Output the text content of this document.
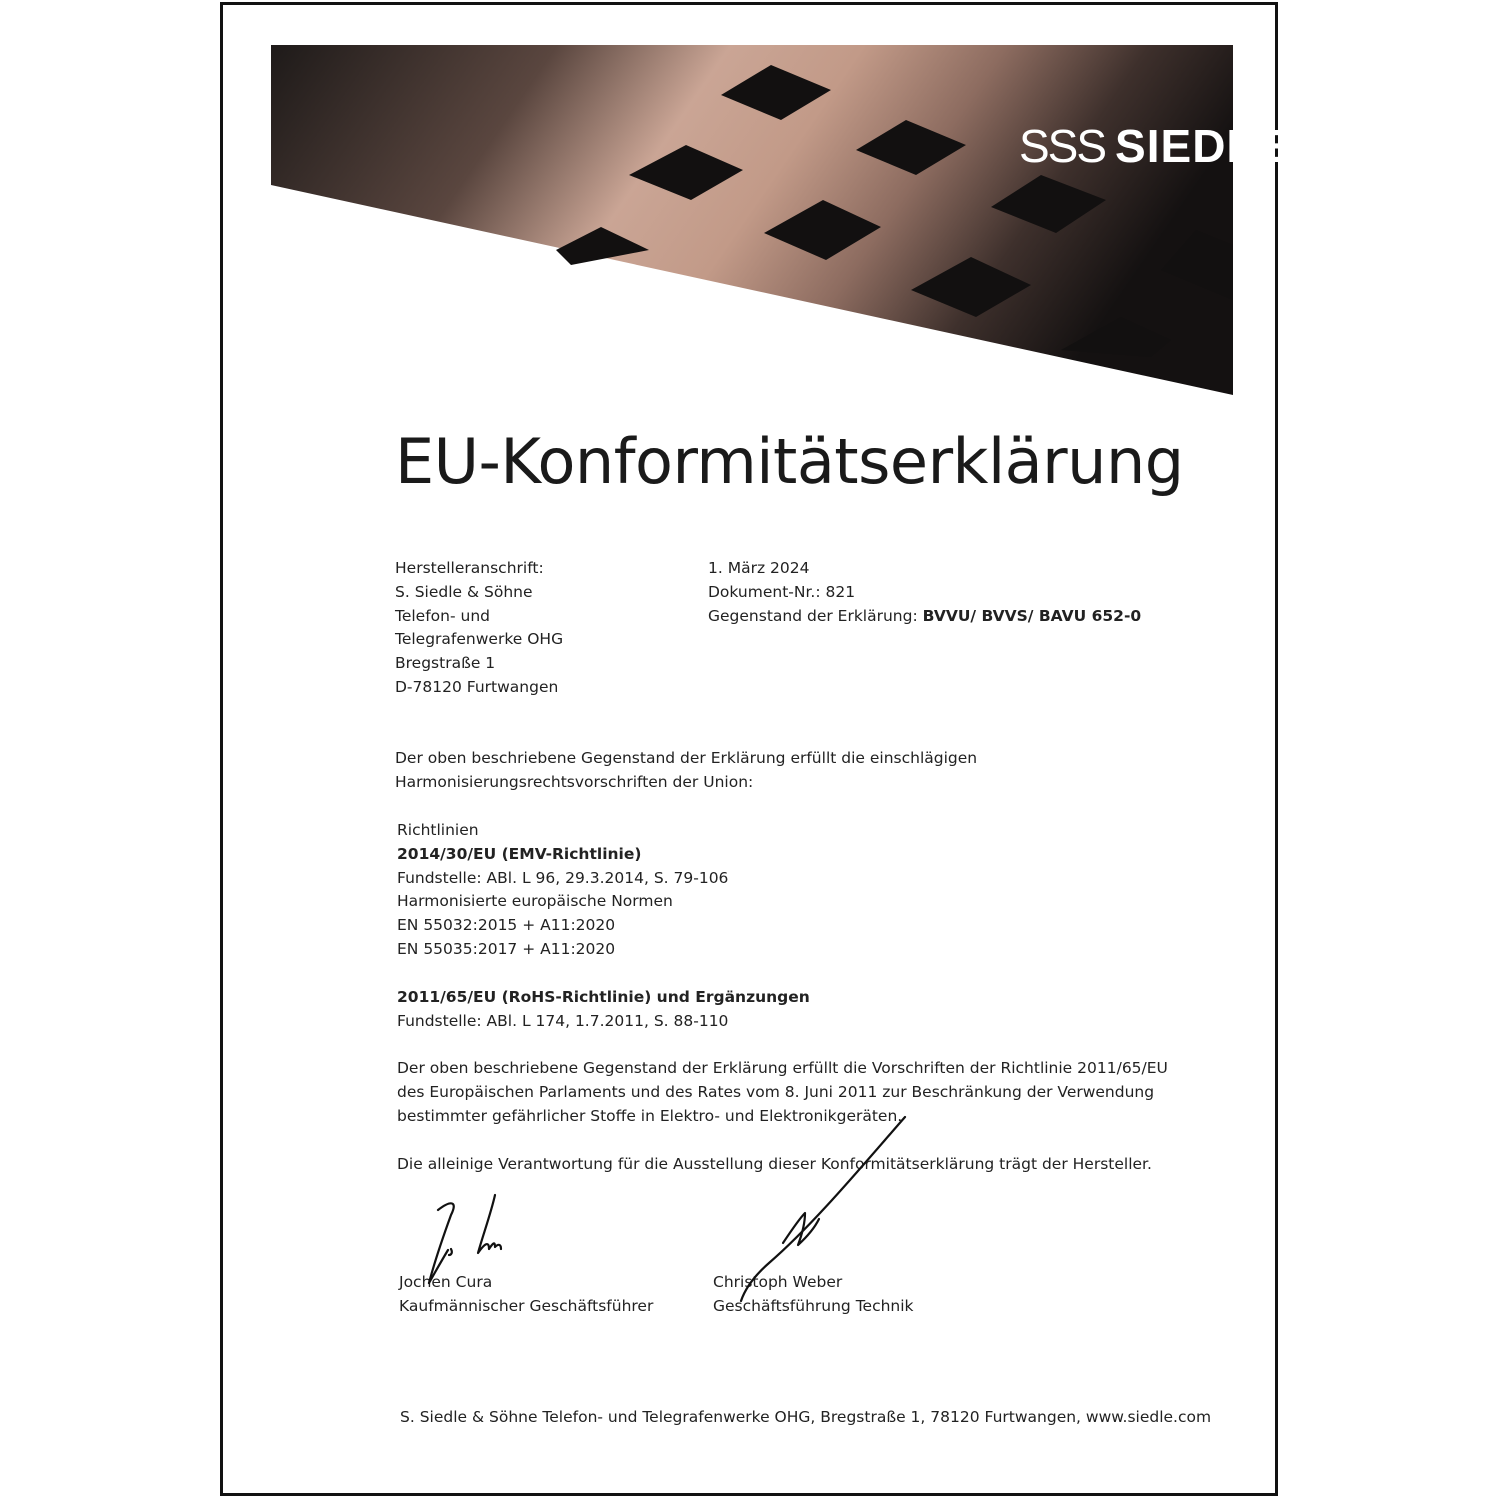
SSS SIEDLE
EU-Konformitätserklärung
Herstelleranschrift:
S. Siedle & Söhne
Telefon- und
Telegrafenwerke OHG
Bregstraße 1
D-78120 Furtwangen
1. März 2024
Dokument-Nr.: 821
Gegenstand der Erklärung: BVVU/ BVVS/ BAVU 652-0
Der oben beschriebene Gegenstand der Erklärung erfüllt die einschlägigen
Harmonisierungsrechtsvorschriften der Union:
Richtlinien
2014/30/EU (EMV-Richtlinie)
Fundstelle: ABl. L 96, 29.3.2014, S. 79-106
Harmonisierte europäische Normen
EN 55032:2015 + A11:2020
EN 55035:2017 + A11:2020
2011/65/EU (RoHS-Richtlinie) und Ergänzungen
Fundstelle: ABl. L 174, 1.7.2011, S. 88-110
Der oben beschriebene Gegenstand der Erklärung erfüllt die Vorschriften der Richtlinie 2011/65/EU
des Europäischen Parlaments und des Rates vom 8. Juni 2011 zur Beschränkung der Verwendung
bestimmter gefährlicher Stoffe in Elektro- und Elektronikgeräten.
Die alleinige Verantwortung für die Ausstellung dieser Konformitätserklärung trägt der Hersteller.
Jochen Cura
Kaufmännischer Geschäftsführer
Christoph Weber
Geschäftsführung Technik
S. Siedle & Söhne Telefon- und Telegrafenwerke OHG, Bregstraße 1, 78120 Furtwangen, www.siedle.com
